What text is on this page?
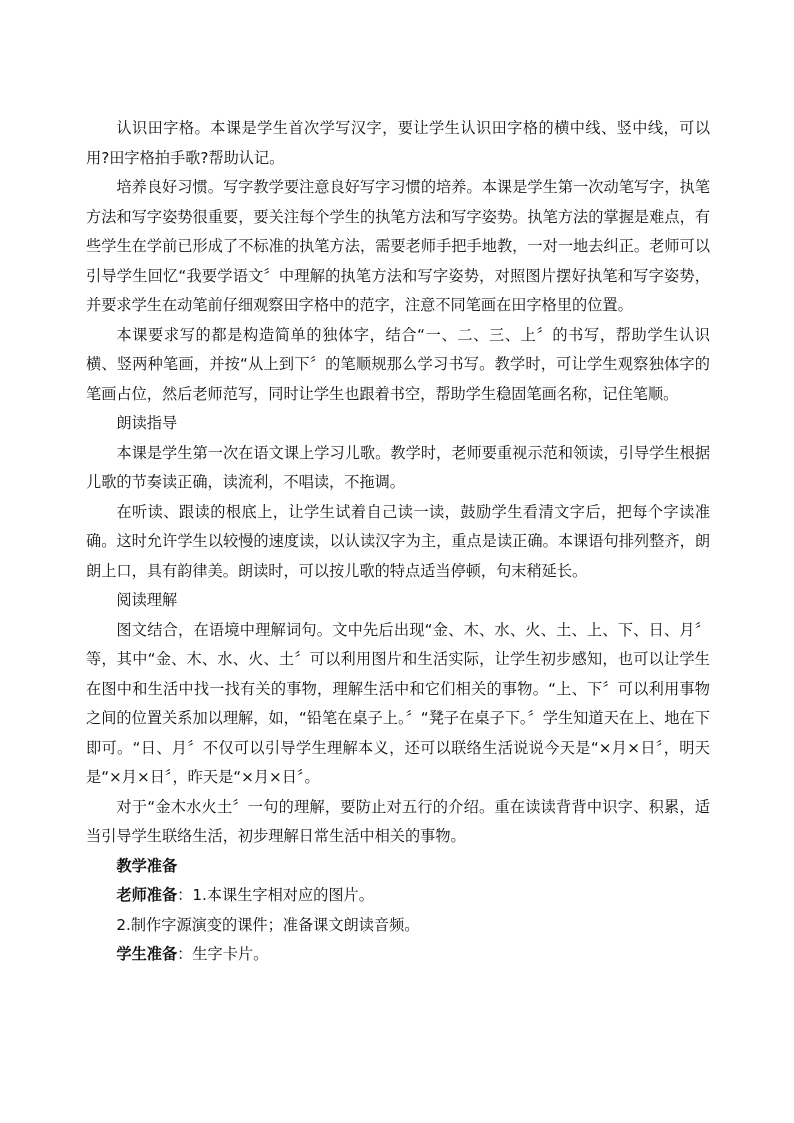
认识田字格。本课是学生首次学写汉字，要让学生认识田字格的横中线、竖中线，可以用?田字格拍手歌?帮助认记。

培养良好习惯。写字教学要注意良好写字习惯的培养。本课是学生第一次动笔写字，执笔方法和写字姿势很重要，要关注每个学生的执笔方法和写字姿势。执笔方法的掌握是难点，有些学生在学前已形成了不标准的执笔方法，需要老师手把手地教，一对一地去纠正。老师可以引导学生回忆“我要学语文〞中理解的执笔方法和写字姿势，对照图片摆好执笔和写字姿势，并要求学生在动笔前仔细观察田字格中的范字，注意不同笔画在田字格里的位置。

本课要求写的都是构造简单的独体字，结合“一、二、三、上〞的书写，帮助学生认识横、竖两种笔画，并按“从上到下〞的笔顺规那么学习书写。教学时，可让学生观察独体字的笔画占位，然后老师范写，同时让学生也跟着书空，帮助学生稳固笔画名称，记住笔顺。

朗读指导

本课是学生第一次在语文课上学习儿歌。教学时，老师要重视示范和领读，引导学生根据儿歌的节奏读正确，读流利，不唱读，不拖调。

在听读、跟读的根底上，让学生试着自己读一读，鼓励学生看清文字后，把每个字读准确。这时允许学生以较慢的速度读，以认读汉字为主，重点是读正确。本课语句排列整齐，朗朗上口，具有韵律美。朗读时，可以按儿歌的特点适当停顿，句末稍延长。

阅读理解

图文结合，在语境中理解词句。文中先后出现“金、木、水、火、土、上、下、日、月〞等，其中“金、木、水、火、土〞可以利用图片和生活实际，让学生初步感知，也可以让学生在图中和生活中找一找有关的事物，理解生活中和它们相关的事物。“上、下〞可以利用事物之间的位置关系加以理解，如，“铅笔在桌子上。〞“凳子在桌子下。〞学生知道天在上、地在下即可。“日、月〞不仅可以引导学生理解本义，还可以联络生活说说今天是“×月×日〞，明天是“×月×日〞，昨天是“×月×日〞。

对于“金木水火土〞一句的理解，要防止对五行的介绍。重在读读背背中识字、积累，适当引导学生联络生活，初步理解日常生活中相关的事物。

教学准备

老师准备：1.本课生字相对应的图片。

2.制作字源演变的课件；准备课文朗读音频。

学生准备：生字卡片。
